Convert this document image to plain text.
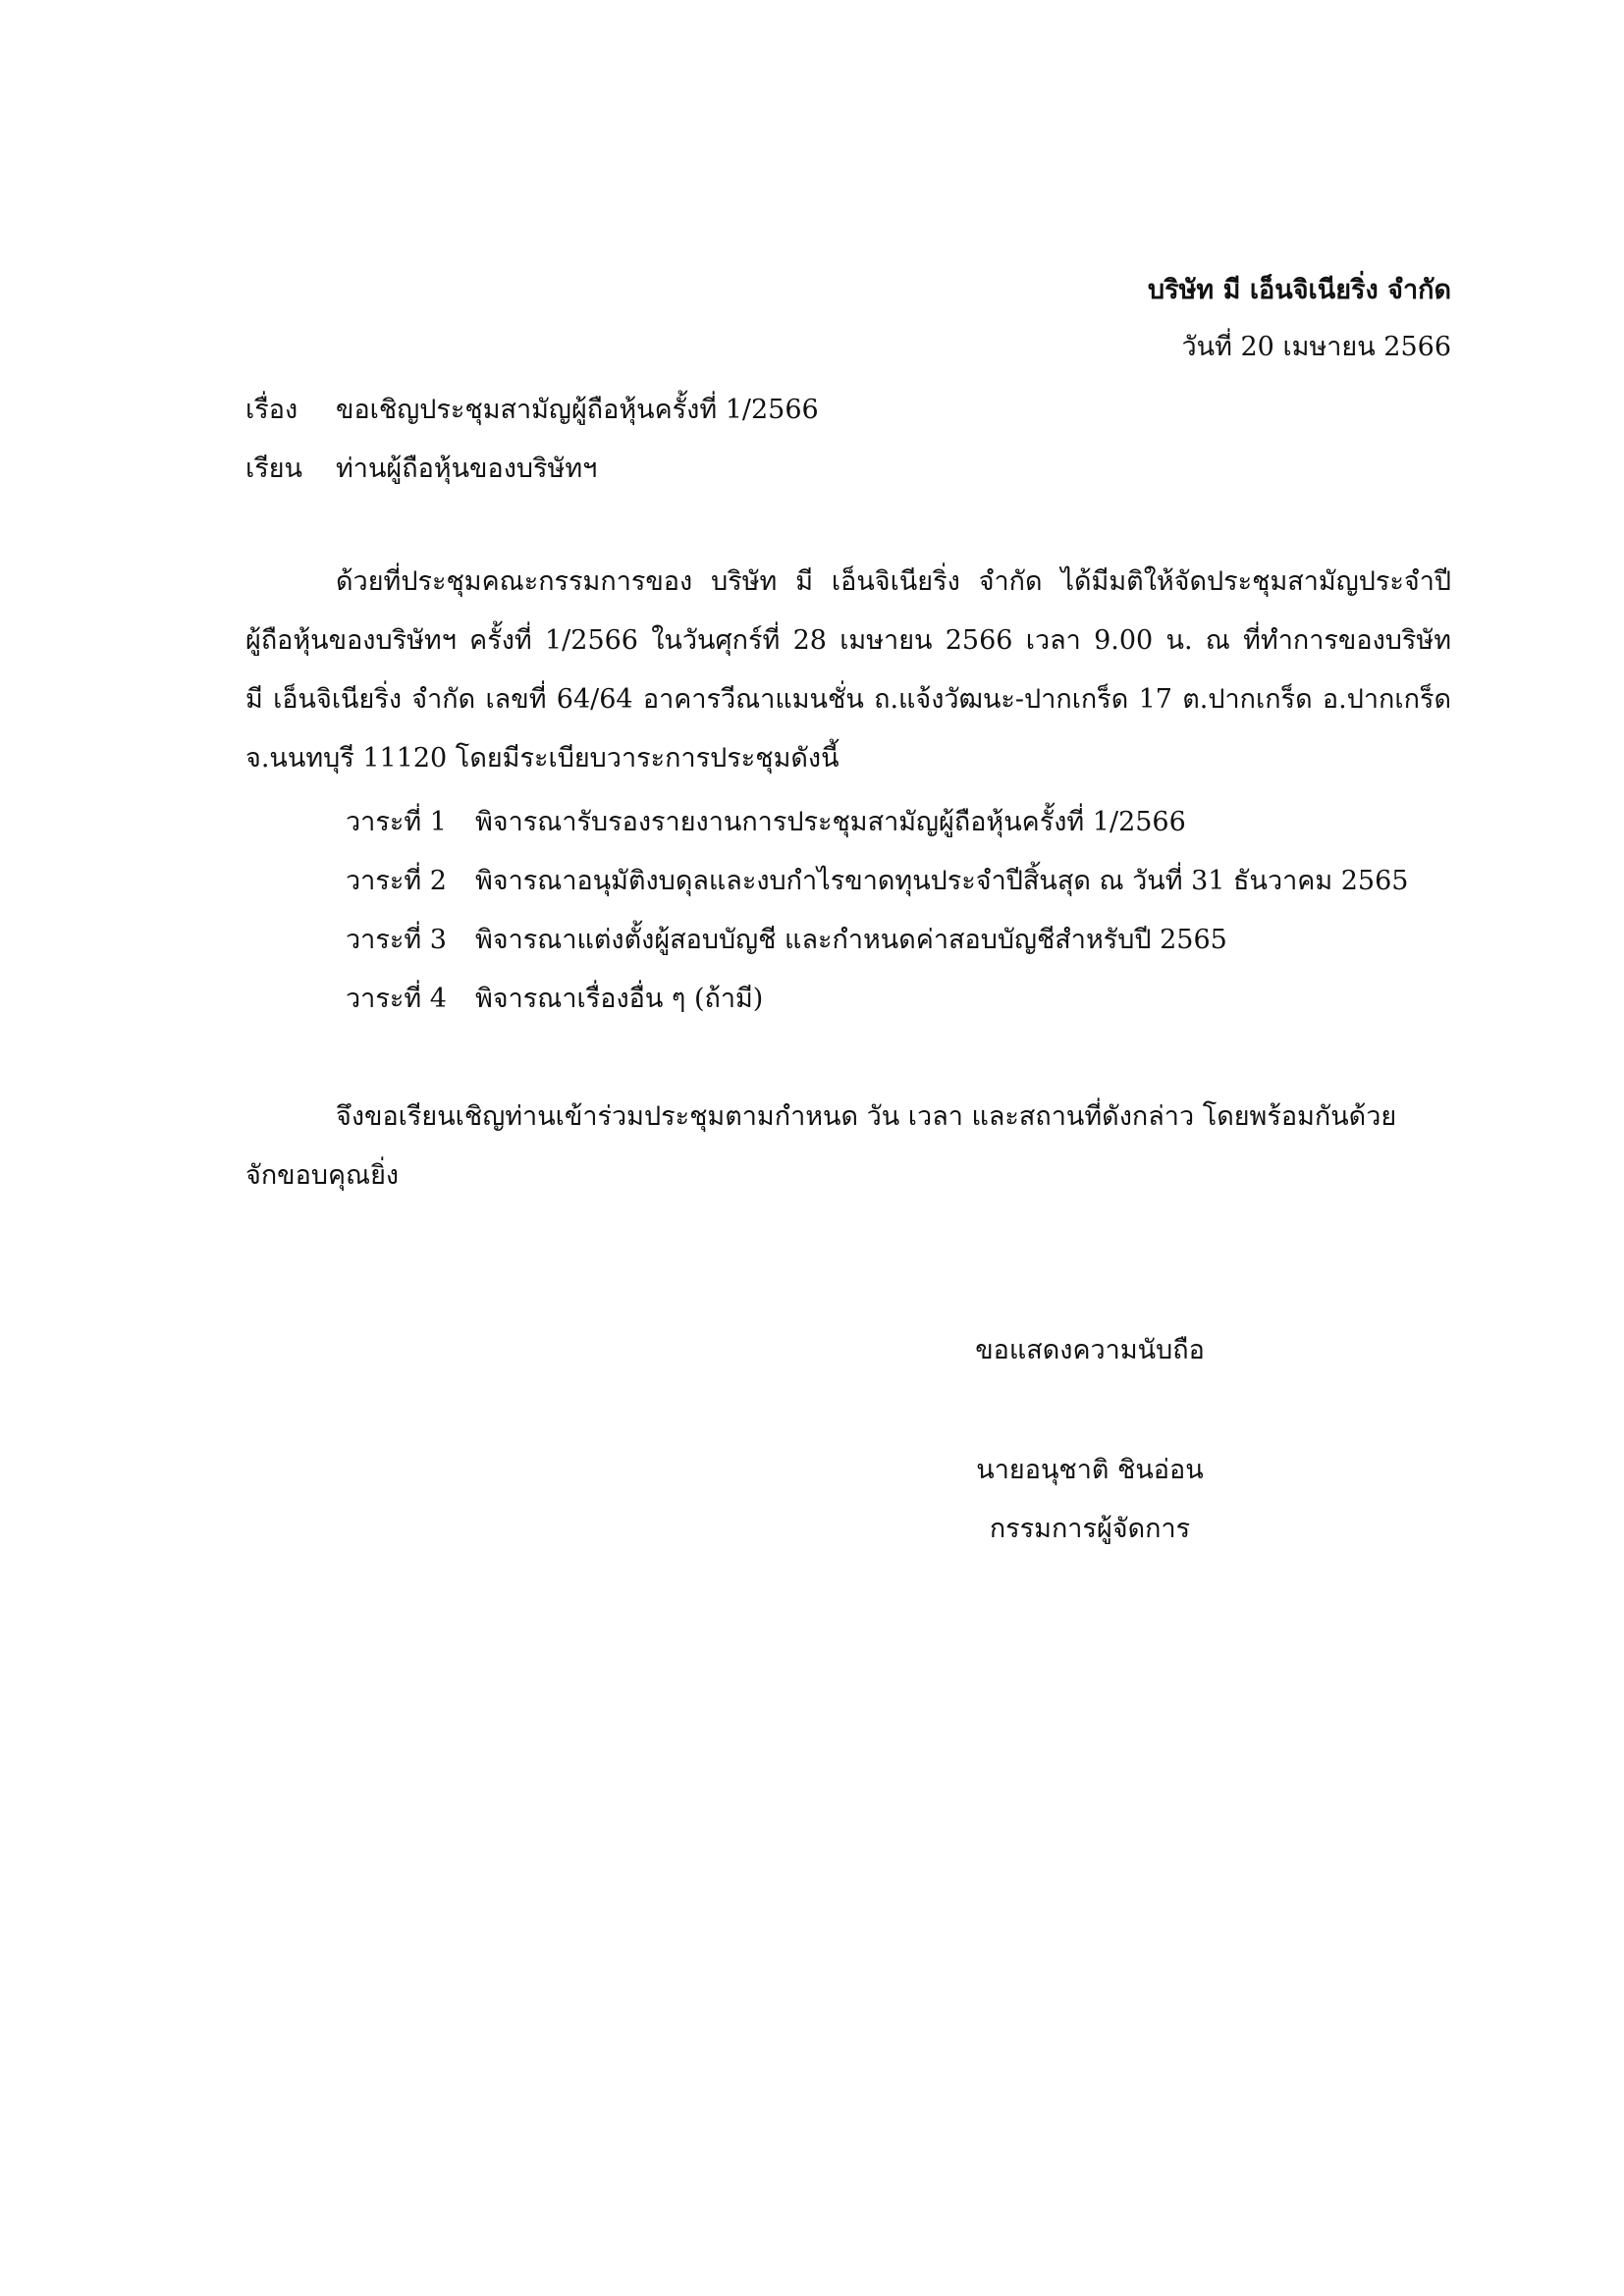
บริษัท มี เอ็นจิเนียริ่ง จำกัด
วันที่ 20 เมษายน 2566
เรื่อง	ขอเชิญประชุมสามัญผู้ถือหุ้นครั้งที่ 1/2566
เรียน	ท่านผู้ถือหุ้นของบริษัทฯ
ด้วยที่ประชุมคณะกรรมการของ บริษัท มี เอ็นจิเนียริ่ง จำกัด ได้มีมติให้จัดประชุมสามัญประจำปี
ผู้ถือหุ้นของบริษัทฯ ครั้งที่ 1/2566 ในวันศุกร์ที่ 28 เมษายน 2566 เวลา 9.00 น. ณ ที่ทำการของบริษัท
มี เอ็นจิเนียริ่ง จำกัด เลขที่ 64/64 อาคารวีณาแมนชั่น ถ.แจ้งวัฒนะ-ปากเกร็ด 17 ต.ปากเกร็ด อ.ปากเกร็ด
จ.นนทบุรี 11120 โดยมีระเบียบวาระการประชุมดังนี้
วาระที่ 1	พิจารณารับรองรายงานการประชุมสามัญผู้ถือหุ้นครั้งที่ 1/2566
วาระที่ 2	พิจารณาอนุมัติงบดุลและงบกำไรขาดทุนประจำปีสิ้นสุด ณ วันที่ 31 ธันวาคม 2565
วาระที่ 3	พิจารณาแต่งตั้งผู้สอบบัญชี และกำหนดค่าสอบบัญชีสำหรับปี 2565
วาระที่ 4	พิจารณาเรื่องอื่น ๆ (ถ้ามี)
จึงขอเรียนเชิญท่านเข้าร่วมประชุมตามกำหนด วัน เวลา และสถานที่ดังกล่าว โดยพร้อมกันด้วย
จักขอบคุณยิ่ง
ขอแสดงความนับถือ
นายอนุชาติ ชินอ่อน
กรรมการผู้จัดการ
